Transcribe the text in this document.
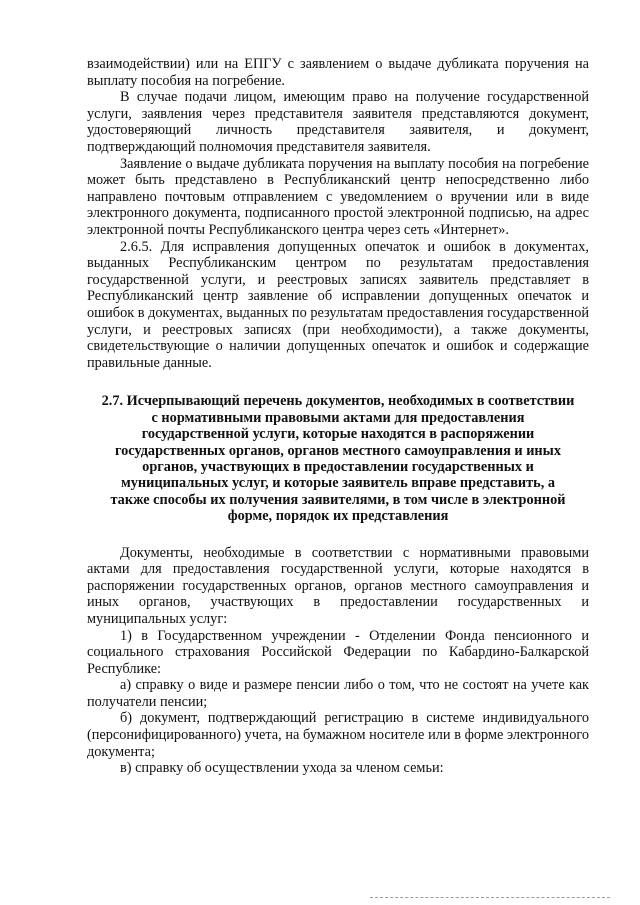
взаимодействии) или на ЕПГУ с заявлением о выдаче дубликата поручения на выплату пособия на погребение.

В случае подачи лицом, имеющим право на получение государственной услуги, заявления через представителя заявителя представляются документ, удостоверяющий личность представителя заявителя, и документ, подтверждающий полномочия представителя заявителя.

Заявление о выдаче дубликата поручения на выплату пособия на погребение может быть представлено в Республиканский центр непосредственно либо направлено почтовым отправлением с уведомлением о вручении или в виде электронного документа, подписанного простой электронной подписью, на адрес электронной почты Республиканского центра через сеть «Интернет».

2.6.5. Для исправления допущенных опечаток и ошибок в документах, выданных Республиканским центром по результатам предоставления государственной услуги, и реестровых записях заявитель представляет в Республиканский центр заявление об исправлении допущенных опечаток и ошибок в документах, выданных по результатам предоставления государственной услуги, и реестровых записях (при необходимости), а также документы, свидетельствующие о наличии допущенных опечаток и ошибок и содержащие правильные данные.

2.7. Исчерпывающий перечень документов, необходимых в соответствии с нормативными правовыми актами для предоставления государственной услуги, которые находятся в распоряжении государственных органов, органов местного самоуправления и иных органов, участвующих в предоставлении государственных и муниципальных услуг, и которые заявитель вправе представить, а также способы их получения заявителями, в том числе в электронной форме, порядок их представления

Документы, необходимые в соответствии с нормативными правовыми актами для предоставления государственной услуги, которые находятся в распоряжении государственных органов, органов местного самоуправления и иных органов, участвующих в предоставлении государственных и муниципальных услуг:

1) в Государственном учреждении - Отделении Фонда пенсионного и социального страхования Российской Федерации по Кабардино-Балкарской Республике:

а) справку о виде и размере пенсии либо о том, что не состоят на учете как получатели пенсии;

б) документ, подтверждающий регистрацию в системе индивидуального (персонифицированного) учета, на бумажном носителе или в форме электронного документа;

в) справку об осуществлении ухода за членом семьи:
